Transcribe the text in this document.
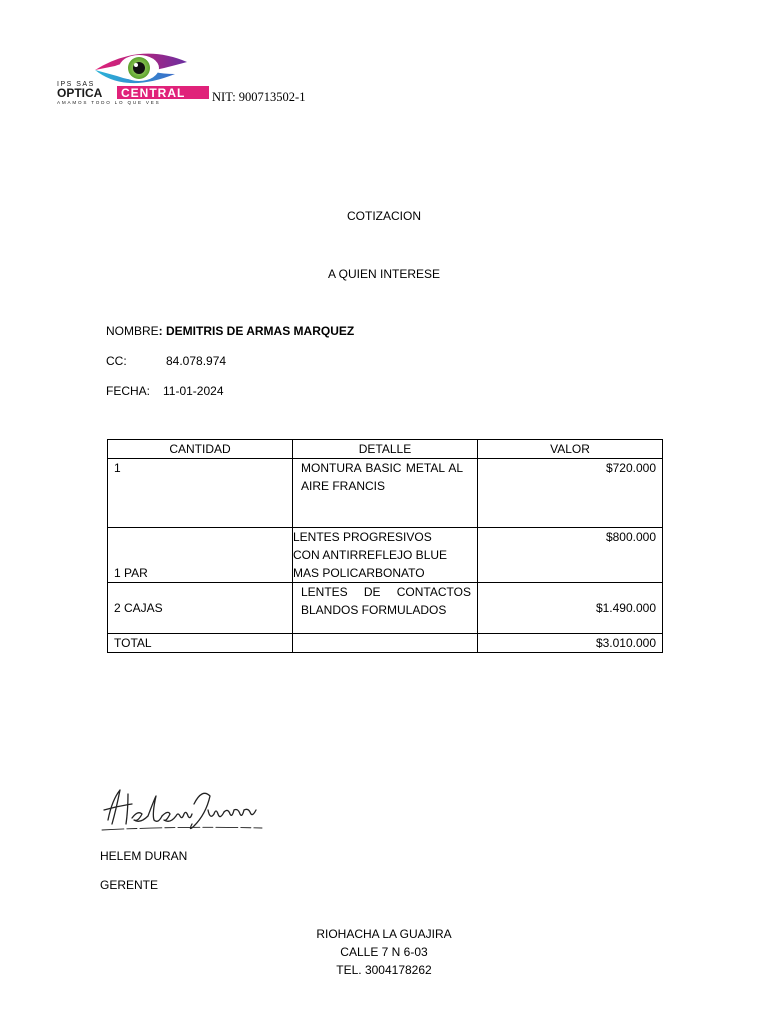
IPS SAS
OPTICA CENTRAL
AMAMOS TODO LO QUE VES	NIT: 900713502-1
COTIZACION
A QUIEN INTERESE
NOMBRE: DEMITRIS DE ARMAS MARQUEZ
CC:	84.078.974
FECHA: 11-01-2024
CANTIDAD	DETALLE	VALOR
1	MONTURA BASIC METAL AL AIRE FRANCIS	$720.000
1 PAR	LENTES PROGRESIVOS CON ANTIRREFLEJO BLUE MAS POLICARBONATO	$800.000
2 CAJAS	LENTES DE CONTACTOS BLANDOS FORMULADOS	$1.490.000
TOTAL		$3.010.000
HELEM DURAN
GERENTE
RIOHACHA LA GUAJIRA
CALLE 7 N 6-03
TEL. 3004178262
